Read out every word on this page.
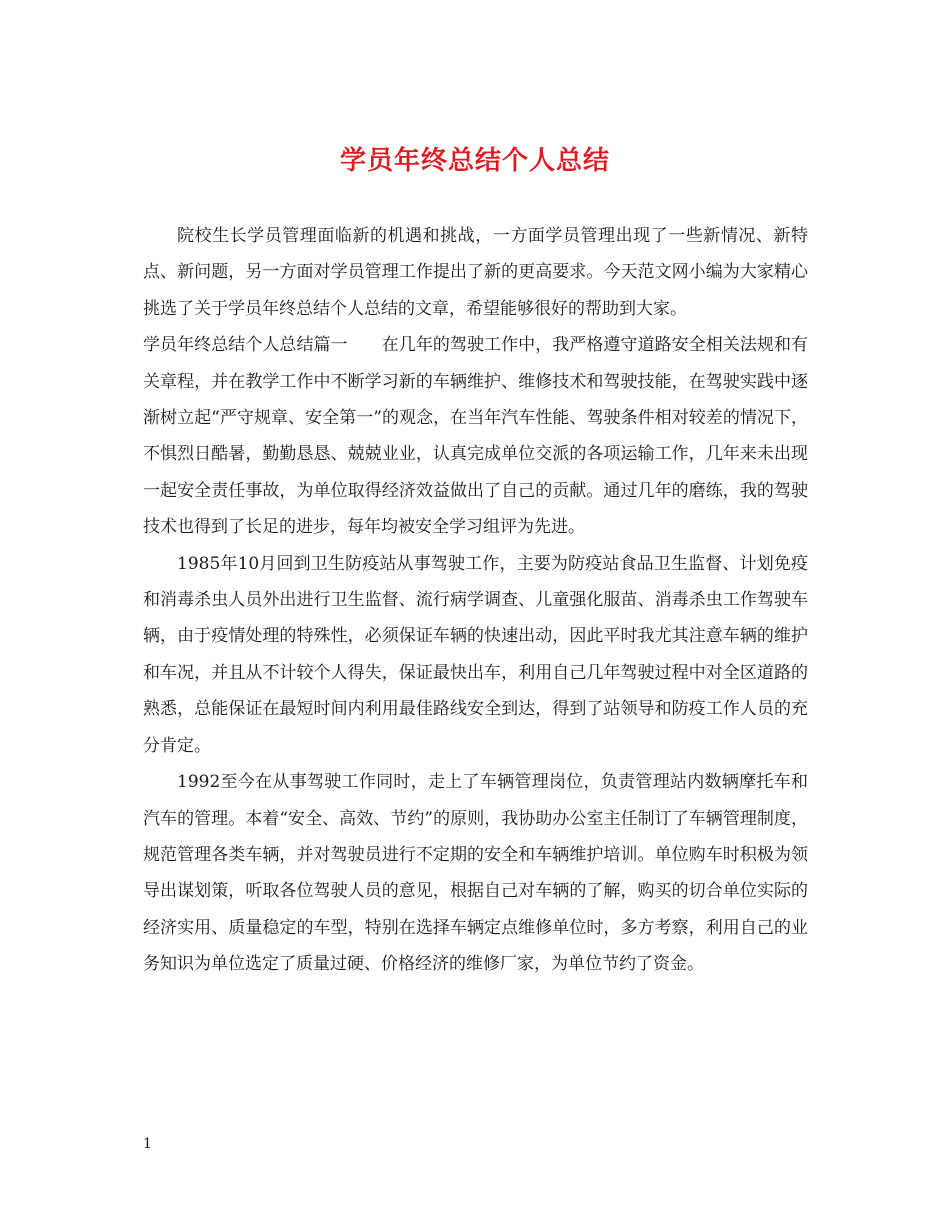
学员年终总结个人总结

院校生长学员管理面临新的机遇和挑战，一方面学员管理出现了一些新情况、新特点、新问题，另一方面对学员管理工作提出了新的更高要求。今天范文网小编为大家精心挑选了关于学员年终总结个人总结的文章，希望能够很好的帮助到大家。

学员年终总结个人总结篇一　　在几年的驾驶工作中，我严格遵守道路安全相关法规和有关章程，并在教学工作中不断学习新的车辆维护、维修技术和驾驶技能，在驾驶实践中逐渐树立起“严守规章、安全第一”的观念，在当年汽车性能、驾驶条件相对较差的情况下，不惧烈日酷暑，勤勤恳恳、兢兢业业，认真完成单位交派的各项运输工作，几年来未出现一起安全责任事故，为单位取得经济效益做出了自己的贡献。通过几年的磨练，我的驾驶技术也得到了长足的进步，每年均被安全学习组评为先进。

1985年10月回到卫生防疫站从事驾驶工作，主要为防疫站食品卫生监督、计划免疫和消毒杀虫人员外出进行卫生监督、流行病学调查、儿童强化服苗、消毒杀虫工作驾驶车辆，由于疫情处理的特殊性，必须保证车辆的快速出动，因此平时我尤其注意车辆的维护和车况，并且从不计较个人得失，保证最快出车，利用自己几年驾驶过程中对全区道路的熟悉，总能保证在最短时间内利用最佳路线安全到达，得到了站领导和防疫工作人员的充分肯定。

1992至今在从事驾驶工作同时，走上了车辆管理岗位，负责管理站内数辆摩托车和汽车的管理。本着“安全、高效、节约”的原则，我协助办公室主任制订了车辆管理制度，规范管理各类车辆，并对驾驶员进行不定期的安全和车辆维护培训。单位购车时积极为领导出谋划策，听取各位驾驶人员的意见，根据自己对车辆的了解，购买的切合单位实际的经济实用、质量稳定的车型，特别在选择车辆定点维修单位时，多方考察，利用自己的业务知识为单位选定了质量过硬、价格经济的维修厂家，为单位节约了资金。

1
